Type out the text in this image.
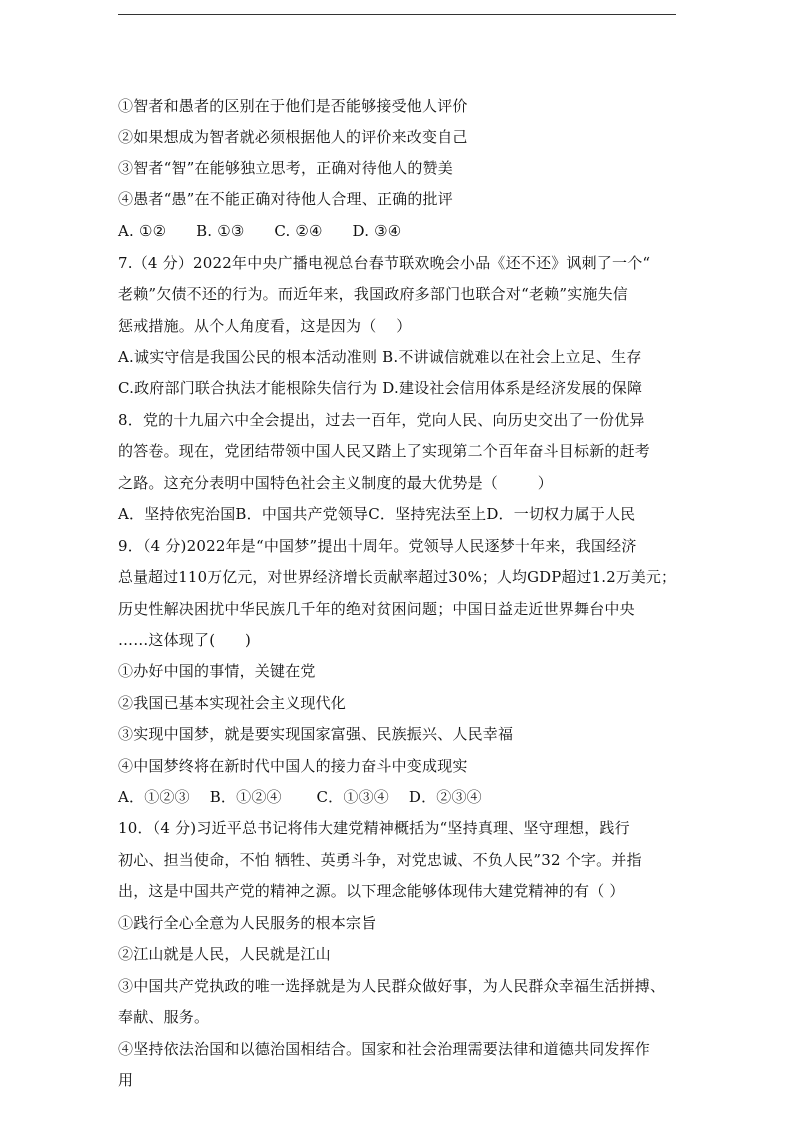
①智者和愚者的区别在于他们是否能够接受他人评价
②如果想成为智者就必须根据他人的评价来改变自己
③智者“智”在能够独立思考，正确对待他人的赞美
④愚者“愚”在不能正确对待他人合理、正确的批评
A. ①②      B. ①③      C. ②④      D. ③④
7.（4 分）2022年中央广播电视总台春节联欢晚会小品《还不还》讽刺了一个“
老赖”欠债不还的行为。而近年来，我国政府多部门也联合对“老赖”实施失信
惩戒措施。从个人角度看，这是因为（    ）
A.诚实守信是我国公民的根本活动准则 B.不讲诚信就难以在社会上立足、生存
C.政府部门联合执法才能根除失信行为 D.建设社会信用体系是经济发展的保障
8．党的十九届六中全会提出，过去一百年，党向人民、向历史交出了一份优异
的答卷。现在，党团结带领中国人民又踏上了实现第二个百年奋斗目标新的赶考
之路。这充分表明中国特色社会主义制度的最大优势是（        ）
A．坚持依宪治国B．中国共产党领导C．坚持宪法至上D．一切权力属于人民
9．（4 分)2022年是“中国梦”提出十周年。党领导人民逐梦十年来，我国经济
总量超过110万亿元，对世界经济增长贡献率超过30%；人均GDP超过1.2万美元；
历史性解决困扰中华民族几千年的绝对贫困问题；中国日益走近世界舞台中央
……这体现了(      )
①办好中国的事情，关键在党
②我国已基本实现社会主义现代化
③实现中国梦，就是要实现国家富强、民族振兴、人民幸福
④中国梦终将在新时代中国人的接力奋斗中变成现实
A．①②③    B．①②④       C．①③④    D．②③④
10．（4 分)习近平总书记将伟大建党精神概括为“坚持真理、坚守理想，践行
初心、担当使命，不怕 牺牲、英勇斗争，对党忠诚、不负人民”32 个字。并指
出，这是中国共产党的精神之源。以下理念能够体现伟大建党精神的有（ ）
①践行全心全意为人民服务的根本宗旨
②江山就是人民，人民就是江山
③中国共产党执政的唯一选择就是为人民群众做好事，为人民群众幸福生活拼搏、
奉献、服务。
④坚持依法治国和以德治国相结合。国家和社会治理需要法律和道德共同发挥作
用
